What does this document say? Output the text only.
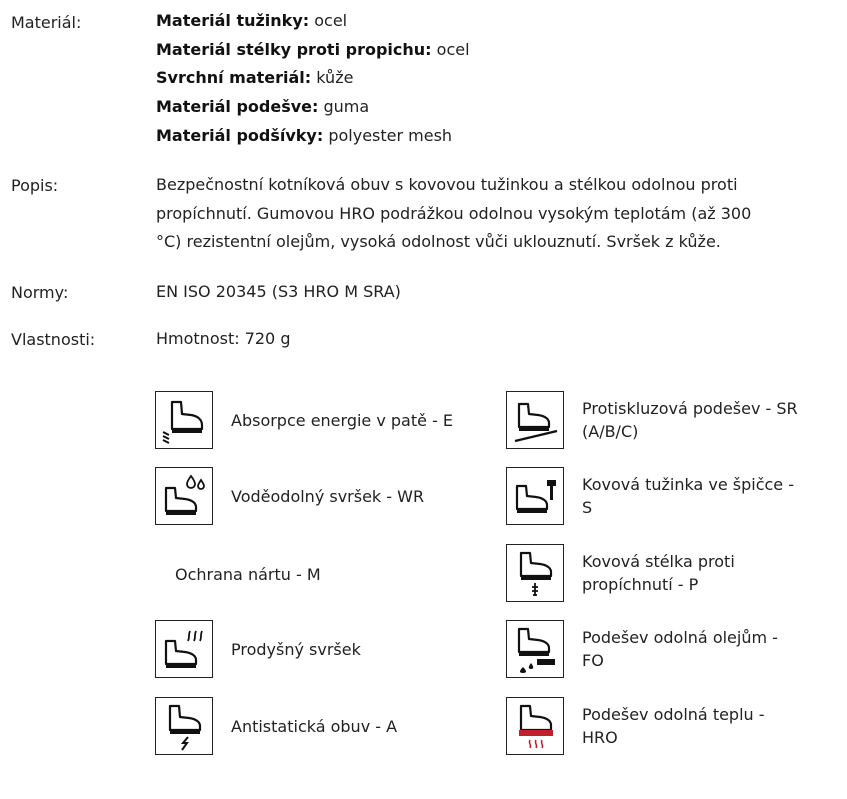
Materiál:	Materiál tužinky: ocel
Materiál stélky proti propichu: ocel
Svrchní materiál: kůže
Materiál podešve: guma
Materiál podšívky: polyester mesh
Popis:	Bezpečnostní kotníková obuv s kovovou tužinkou a stélkou odolnou proti
propíchnutí. Gumovou HRO podrážkou odolnou vysokým teplotám (až 300
°C) rezistentní olejům, vysoká odolnost vůči uklouznutí. Svršek z kůže.
Normy:	EN ISO 20345 (S3 HRO M SRA)
Vlastnosti:	Hmotnost: 720 g
Absorpce energie v patě - E
Voděodolný svršek - WR
Ochrana nártu - M
Prodyšný svršek
Antistatická obuv - A
Protiskluzová podešev - SR
(A/B/C)
Kovová tužinka ve špičce -
S
Kovová stélka proti
propíchnutí - P
Podešev odolná olejům -
FO
Podešev odolná teplu -
HRO
